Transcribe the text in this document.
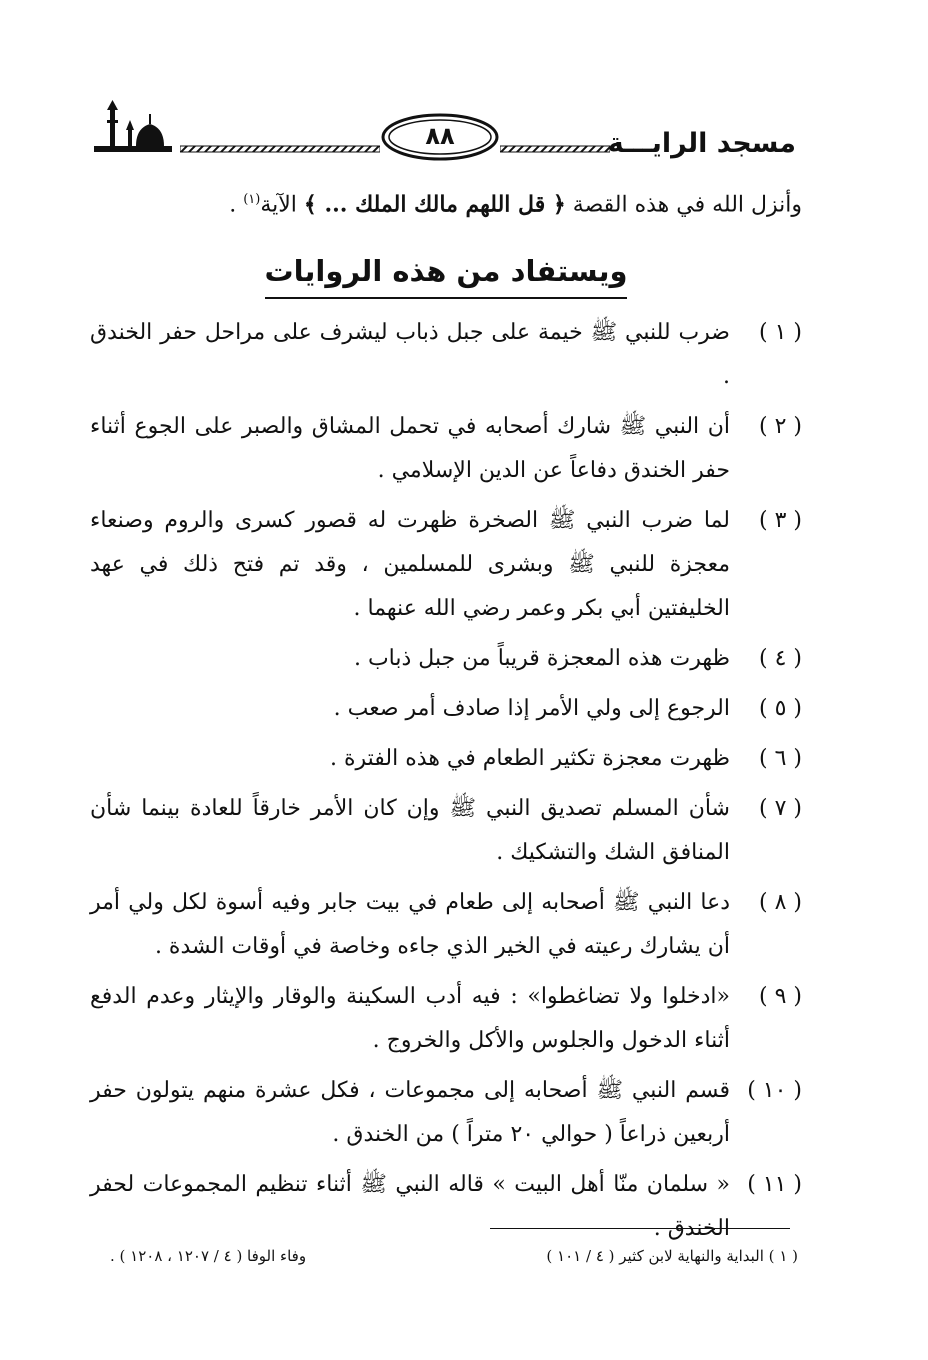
٨٨	مسجد الرايـــة

وأنزل الله في هذه القصة ﴿ قل اللهم مالك الملك ... ﴾ الآية$^{(١)}$ .

ويستفاد من هذه الروايات
( ١ )
ضرب للنبي ﷺ خيمة على جبل ذباب ليشرف على مراحل حفر الخندق .
( ٢ )
أن النبي ﷺ شارك أصحابه في تحمل المشاق والصبر على الجوع أثناء حفر الخندق دفاعاً عن الدين الإسلامي .
( ٣ )
لما ضرب النبي ﷺ الصخرة ظهرت له قصور كسرى والروم وصنعاء معجزة للنبي ﷺ وبشرى للمسلمين ، وقد تم فتح ذلك في عهد الخليفتين أبي بكر وعمر رضي الله عنهما .
( ٤ )
ظهرت هذه المعجزة قريباً من جبل ذباب .
( ٥ )
الرجوع إلى ولي الأمر إذا صادف أمر صعب .
( ٦ )
ظهرت معجزة تكثير الطعام في هذه الفترة .
( ٧ )
شأن المسلم تصديق النبي ﷺ وإن كان الأمر خارقاً للعادة بينما شأن المنافق الشك والتشكيك .
( ٨ )
دعا النبي ﷺ أصحابه إلى طعام في بيت جابر وفيه أسوة لكل ولي أمر أن يشارك رعيته في الخير الذي جاءه وخاصة في أوقات الشدة .
( ٩ )
«ادخلوا ولا تضاغطوا» : فيه أدب السكينة والوقار والإيثار وعدم الدفع أثناء الدخول والجلوس والأكل والخروج .
( ١٠ )
قسم النبي ﷺ أصحابه إلى مجموعات ، فكل عشرة منهم يتولون حفر أربعين ذراعاً ( حوالي ٢٠ متراً ) من الخندق .
( ١١ )
« سلمان منّا أهل البيت » قاله النبي ﷺ أثناء تنظيم المجموعات لحفر الخندق .
( ١ ) البداية والنهاية لابن كثير ( ٤ / ١٠١ )
وفاء الوفا ( ٤ / ١٢٠٧ ، ١٢٠٨ ) .
